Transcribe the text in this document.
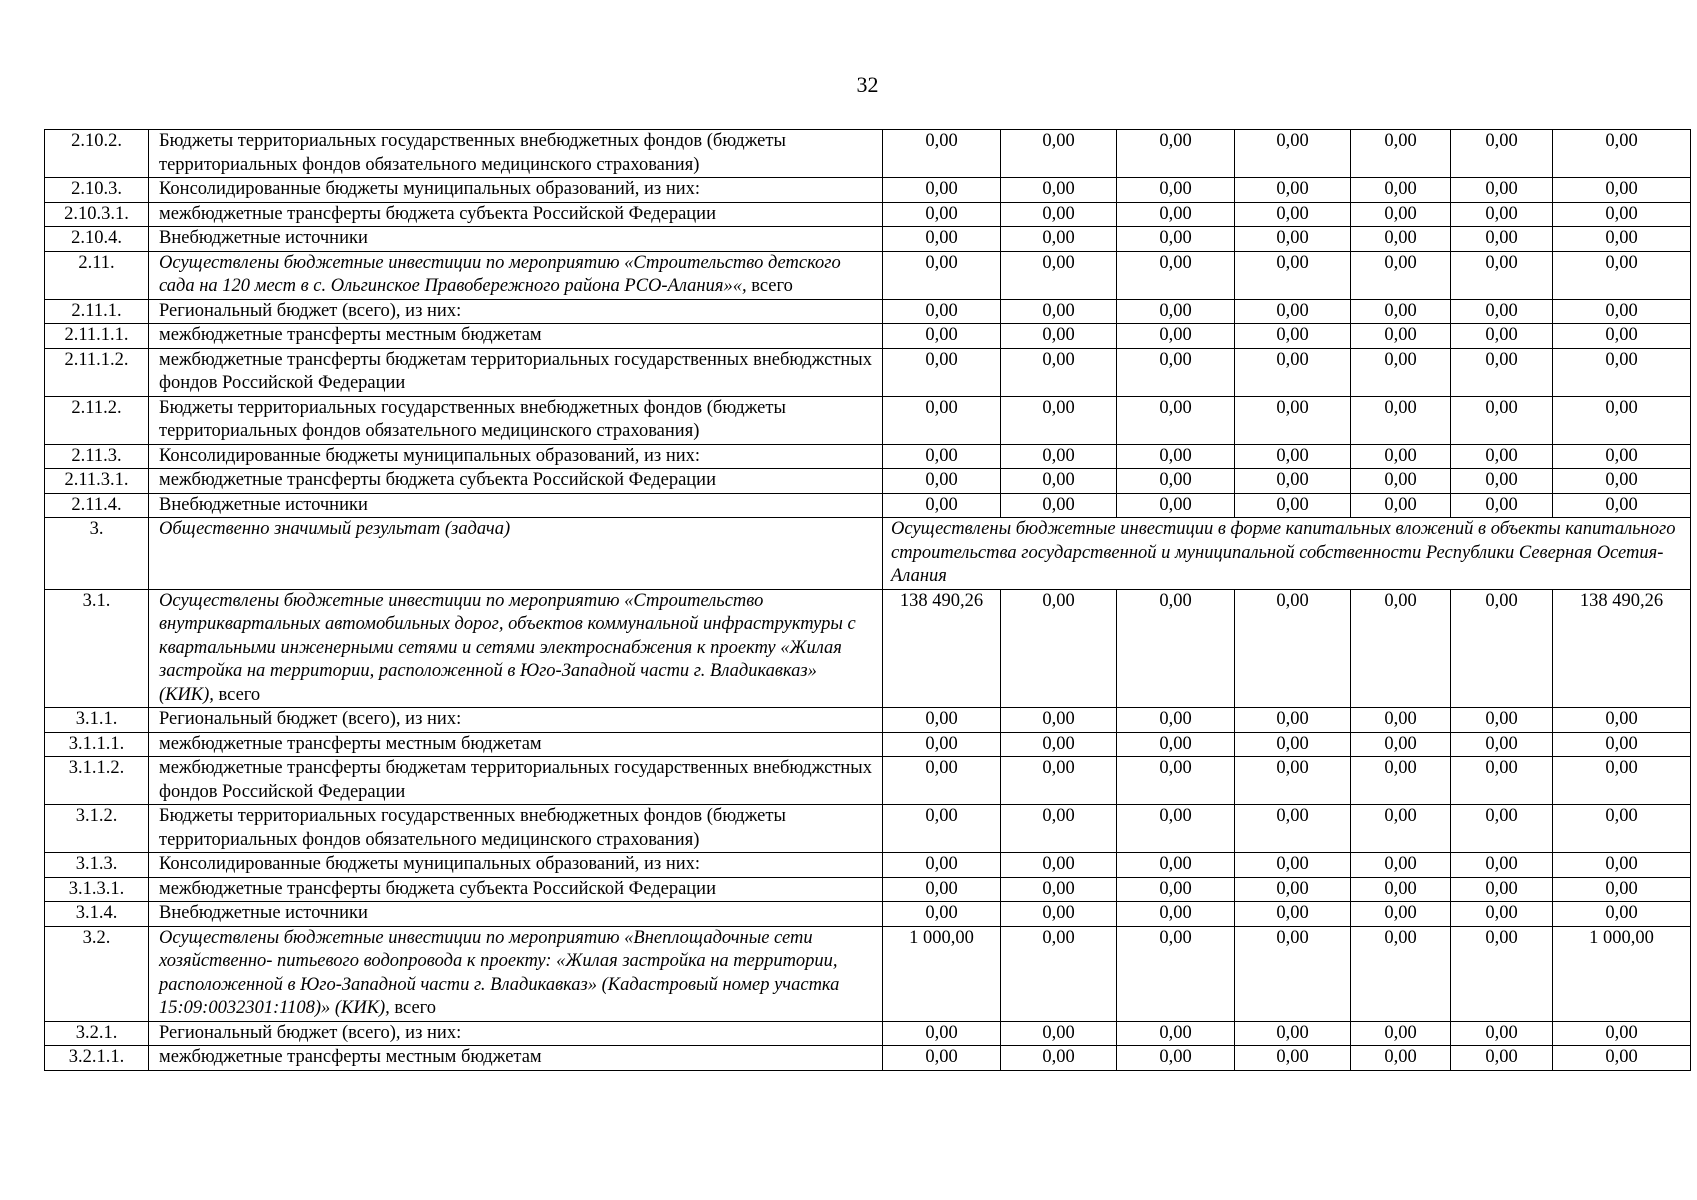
32
2.10.2.	Бюджеты территориальных государственных внебюджетных фондов (бюджеты территориальных фондов обязательного медицинского страхования)	0,00	0,00	0,00	0,00	0,00	0,00	0,00
2.10.3.	Консолидированные бюджеты муниципальных образований, из них:	0,00	0,00	0,00	0,00	0,00	0,00	0,00
2.10.3.1.	межбюджетные трансферты бюджета субъекта Российской Федерации	0,00	0,00	0,00	0,00	0,00	0,00	0,00
2.10.4.	Внебюджетные источники	0,00	0,00	0,00	0,00	0,00	0,00	0,00
2.11.	Осуществлены бюджетные инвестиции по мероприятию «Строительство детского сада на 120 мест в с. Ольгинское Правобережного района РСО-Алания»«, всего	0,00	0,00	0,00	0,00	0,00	0,00	0,00
2.11.1.	Региональный бюджет (всего), из них:	0,00	0,00	0,00	0,00	0,00	0,00	0,00
2.11.1.1.	межбюджетные трансферты местным бюджетам	0,00	0,00	0,00	0,00	0,00	0,00	0,00
2.11.1.2.	межбюджетные трансферты бюджетам территориальных государственных внебюджстных фондов Российской Федерации	0,00	0,00	0,00	0,00	0,00	0,00	0,00
2.11.2.	Бюджеты территориальных государственных внебюджетных фондов (бюджеты территориальных фондов обязательного медицинского страхования)	0,00	0,00	0,00	0,00	0,00	0,00	0,00
2.11.3.	Консолидированные бюджеты муниципальных образований, из них:	0,00	0,00	0,00	0,00	0,00	0,00	0,00
2.11.3.1.	межбюджетные трансферты бюджета субъекта Российской Федерации	0,00	0,00	0,00	0,00	0,00	0,00	0,00
2.11.4.	Внебюджетные источники	0,00	0,00	0,00	0,00	0,00	0,00	0,00
3.	Общественно значимый результат (задача)	Осуществлены бюджетные инвестиции в форме капитальных вложений в объекты капитального строительства государственной и муниципальной собственности Республики Северная Осетия-Алания						
3.1.	Осуществлены бюджетные инвестиции по мероприятию «Строительство внутриквартальных автомобильных дорог, объектов коммунальной инфраструктуры с квартальными инженерными сетями и сетями электроснабжения к проекту «Жилая застройка на территории, расположенной в Юго-Западной части г. Владикавказ» (КИК), всего	138 490,26	0,00	0,00	0,00	0,00	0,00	138 490,26
3.1.1.	Региональный бюджет (всего), из них:	0,00	0,00	0,00	0,00	0,00	0,00	0,00
3.1.1.1.	межбюджетные трансферты местным бюджетам	0,00	0,00	0,00	0,00	0,00	0,00	0,00
3.1.1.2.	межбюджетные трансферты бюджетам территориальных государственных внебюджстных фондов Российской Федерации	0,00	0,00	0,00	0,00	0,00	0,00	0,00
3.1.2.	Бюджеты территориальных государственных внебюджетных фондов (бюджеты территориальных фондов обязательного медицинского страхования)	0,00	0,00	0,00	0,00	0,00	0,00	0,00
3.1.3.	Консолидированные бюджеты муниципальных образований, из них:	0,00	0,00	0,00	0,00	0,00	0,00	0,00
3.1.3.1.	межбюджетные трансферты бюджета субъекта Российской Федерации	0,00	0,00	0,00	0,00	0,00	0,00	0,00
3.1.4.	Внебюджетные источники	0,00	0,00	0,00	0,00	0,00	0,00	0,00
3.2.	Осуществлены бюджетные инвестиции по мероприятию «Внеплощадочные сети хозяйственно- питьевого водопровода к проекту: «Жилая застройка на территории, расположенной в Юго-Западной части г. Владикавказ» (Кадастровый номер участка 15:09:0032301:1108)» (КИК), всего	1 000,00	0,00	0,00	0,00	0,00	0,00	1 000,00
3.2.1.	Региональный бюджет (всего), из них:	0,00	0,00	0,00	0,00	0,00	0,00	0,00
3.2.1.1.	межбюджетные трансферты местным бюджетам	0,00	0,00	0,00	0,00	0,00	0,00	0,00
